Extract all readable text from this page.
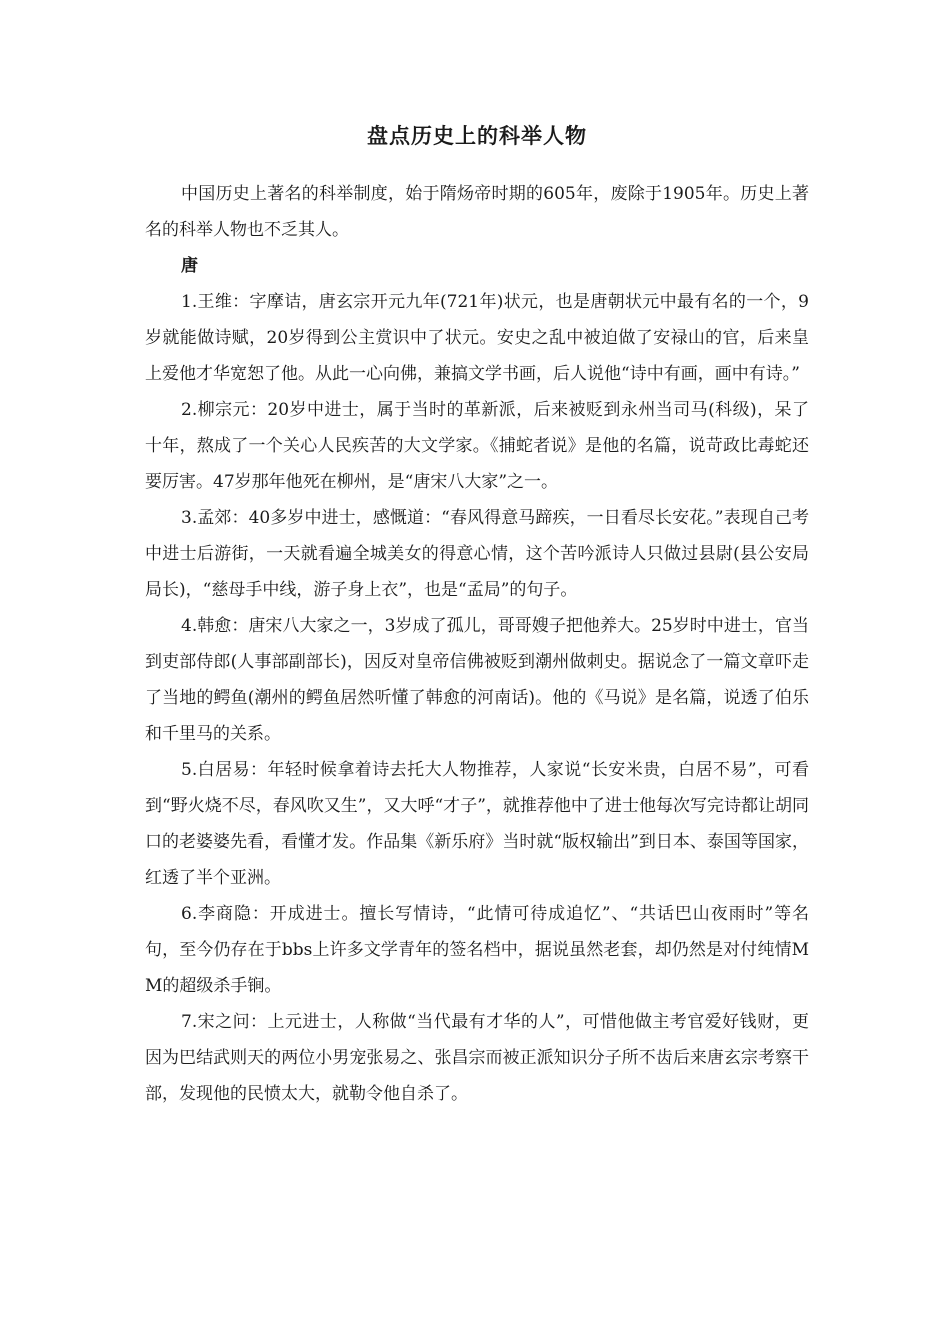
盘点历史上的科举人物

中国历史上著名的科举制度，始于隋炀帝时期的605年，废除于1905年。历史上著名的科举人物也不乏其人。

唐

1.王维：字摩诘，唐玄宗开元九年(721年)状元，也是唐朝状元中最有名的一个，9岁就能做诗赋，20岁得到公主赏识中了状元。安史之乱中被迫做了安禄山的官，后来皇上爱他才华宽恕了他。从此一心向佛，兼搞文学书画，后人说他“诗中有画，画中有诗。”

2.柳宗元：20岁中进士，属于当时的革新派，后来被贬到永州当司马(科级)，呆了十年，熬成了一个关心人民疾苦的大文学家。《捕蛇者说》是他的名篇，说苛政比毒蛇还要厉害。47岁那年他死在柳州，是“唐宋八大家”之一。

3.孟郊：40多岁中进士，感慨道：“春风得意马蹄疾，一日看尽长安花。”表现自己考中进士后游街，一天就看遍全城美女的得意心情，这个苦吟派诗人只做过县尉(县公安局局长)，“慈母手中线，游子身上衣”，也是“孟局”的句子。

4.韩愈：唐宋八大家之一，3岁成了孤儿，哥哥嫂子把他养大。25岁时中进士，官当到吏部侍郎(人事部副部长)，因反对皇帝信佛被贬到潮州做刺史。据说念了一篇文章吓走了当地的鳄鱼(潮州的鳄鱼居然听懂了韩愈的河南话)。他的《马说》是名篇，说透了伯乐和千里马的关系。

5.白居易：年轻时候拿着诗去托大人物推荐，人家说“长安米贵，白居不易”，可看到“野火烧不尽，春风吹又生”，又大呼“才子”，就推荐他中了进士他每次写完诗都让胡同口的老婆婆先看，看懂才发。作品集《新乐府》当时就“版权输出”到日本、泰国等国家，红透了半个亚洲。

6.李商隐：开成进士。擅长写情诗，“此情可待成追忆”、“共话巴山夜雨时”等名句，至今仍存在于bbs上许多文学青年的签名档中，据说虽然老套，却仍然是对付纯情MM的超级杀手锏。

7.宋之问：上元进士，人称做“当代最有才华的人”，可惜他做主考官爱好钱财，更因为巴结武则天的两位小男宠张易之、张昌宗而被正派知识分子所不齿后来唐玄宗考察干部，发现他的民愤太大，就勒令他自杀了。
